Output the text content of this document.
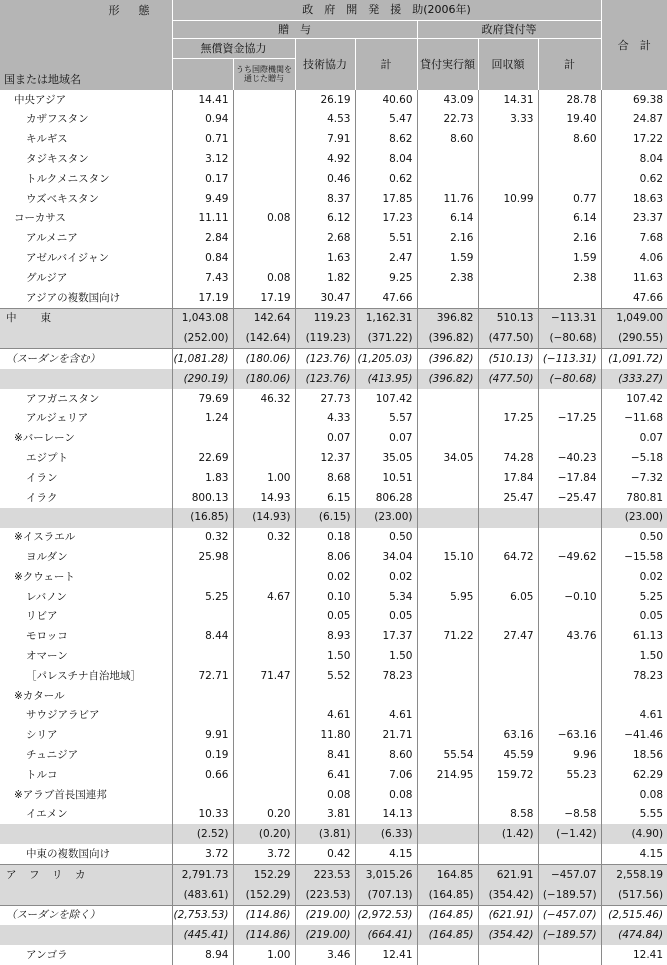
形　態	政　府　開　発　援　助(2006年)							合　計

国または地域名	贈　与				政府貸付等			
	無償資金協力		技術協力	計	貸付実行額	回収額	計	
		うち国際機関を通じた贈与						
中央アジア	14.41		26.19	40.60	43.09	14.31	28.78	69.38
カザフスタン	0.94		4.53	5.47	22.73	3.33	19.40	24.87
キルギス	0.71		7.91	8.62	8.60		8.60	17.22
タジキスタン	3.12		4.92	8.04				8.04
トルクメニスタン	0.17		0.46	0.62				0.62
ウズベキスタン	9.49		8.37	17.85	11.76	10.99	0.77	18.63
コーカサス	11.11	0.08	6.12	17.23	6.14		6.14	23.37
アルメニア	2.84		2.68	5.51	2.16		2.16	7.68
アゼルバイジャン	0.84		1.63	2.47	1.59		1.59	4.06
グルジア	7.43	0.08	1.82	9.25	2.38		2.38	11.63
アジアの複数国向け	17.19	17.19	30.47	47.66				47.66
中　　東	1,043.08	142.64	119.23	1,162.31	396.82	510.13	−113.31	1,049.00
	(252.00)	(142.64)	(119.23)	(371.22)	(396.82)	(477.50)	(−80.68)	(290.55)
（スーダンを含む）	(1,081.28)	(180.06)	(123.76)	(1,205.03)	(396.82)	(510.13)	(−113.31)	(1,091.72)
	(290.19)	(180.06)	(123.76)	(413.95)	(396.82)	(477.50)	(−80.68)	(333.27)
アフガニスタン	79.69	46.32	27.73	107.42				107.42
アルジェリア	1.24		4.33	5.57		17.25	−17.25	−11.68
※バーレーン			0.07	0.07				0.07
エジプト	22.69		12.37	35.05	34.05	74.28	−40.23	−5.18
イラン	1.83	1.00	8.68	10.51		17.84	−17.84	−7.32
イラク	800.13	14.93	6.15	806.28		25.47	−25.47	780.81
	(16.85)	(14.93)	(6.15)	(23.00)				(23.00)
※イスラエル	0.32	0.32	0.18	0.50				0.50
ヨルダン	25.98		8.06	34.04	15.10	64.72	−49.62	−15.58
※クウェート			0.02	0.02				0.02
レバノン	5.25	4.67	0.10	5.34	5.95	6.05	−0.10	5.25
リビア			0.05	0.05				0.05
モロッコ	8.44		8.93	17.37	71.22	27.47	43.76	61.13
オマーン			1.50	1.50				1.50
［パレスチナ自治地域］	72.71	71.47	5.52	78.23				78.23
※カタール								
サウジアラビア			4.61	4.61				4.61
シリア	9.91		11.80	21.71		63.16	−63.16	−41.46
チュニジア	0.19		8.41	8.60	55.54	45.59	9.96	18.56
トルコ	0.66		6.41	7.06	214.95	159.72	55.23	62.29
※アラブ首長国連邦			0.08	0.08				0.08
イエメン	10.33	0.20	3.81	14.13		8.58	−8.58	5.55
	(2.52)	(0.20)	(3.81)	(6.33)		(1.42)	(−1.42)	(4.90)
中東の複数国向け	3.72	3.72	0.42	4.15				4.15
ア　フ　リ　カ	2,791.73	152.29	223.53	3,015.26	164.85	621.91	−457.07	2,558.19
	(483.61)	(152.29)	(223.53)	(707.13)	(164.85)	(354.42)	(−189.57)	(517.56)
（スーダンを除く）	(2,753.53)	(114.86)	(219.00)	(2,972.53)	(164.85)	(621.91)	(−457.07)	(2,515.46)
	(445.41)	(114.86)	(219.00)	(664.41)	(164.85)	(354.42)	(−189.57)	(474.84)
アンゴラ	8.94	1.00	3.46	12.41				12.41
